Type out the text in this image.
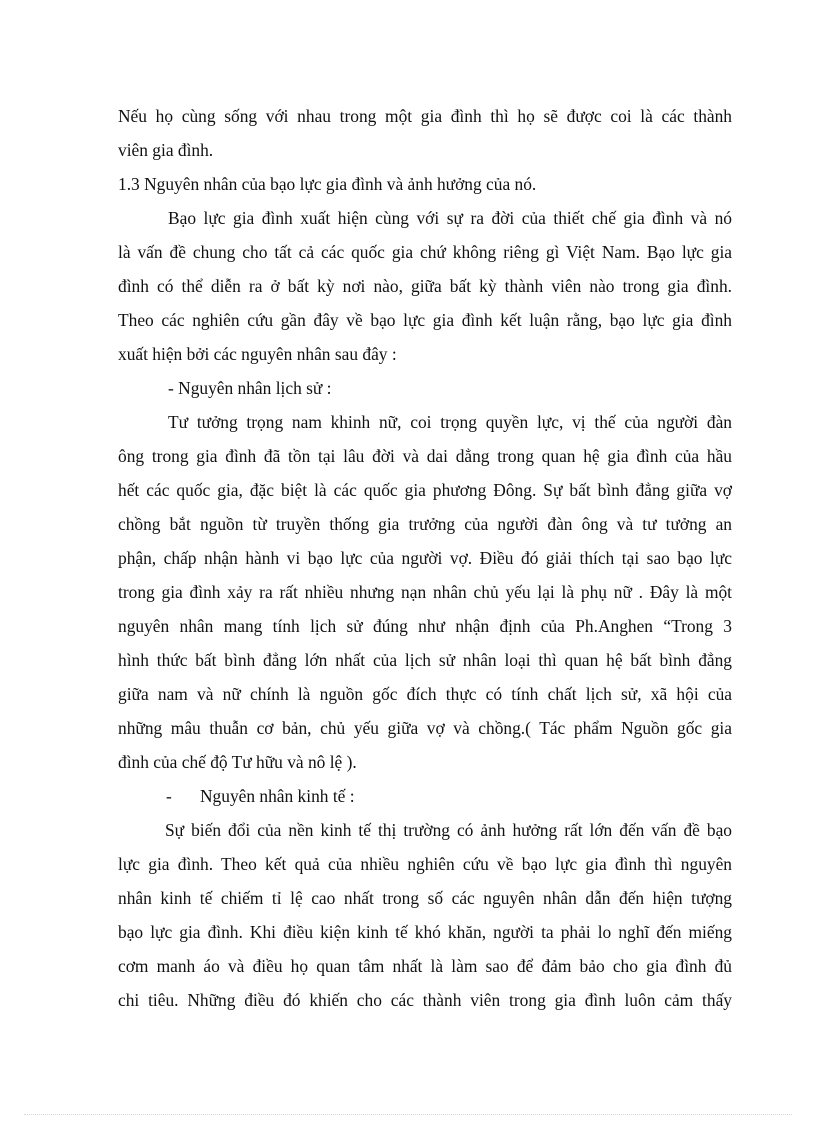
Nếu họ cùng sống với nhau trong một gia đình thì họ sẽ được coi là các thành
viên gia đình.
1.3 Nguyên nhân của bạo lực gia đình và ảnh hưởng của nó.
Bạo lực gia đình xuất hiện cùng với sự ra đời của thiết chế gia đình và nó
là vấn đề chung cho tất cả các quốc gia chứ không riêng gì Việt Nam. Bạo lực gia
đình có thể diễn ra ở bất kỳ nơi nào, giữa bất kỳ thành viên nào trong gia đình.
Theo các nghiên cứu gần đây về bạo lực gia đình kết luận rằng, bạo lực gia đình
xuất hiện bởi các nguyên nhân sau đây :
- Nguyên nhân lịch sử :
Tư tưởng trọng nam khinh nữ, coi trọng quyền lực, vị thế của người đàn
ông trong gia đình đã tồn tại lâu đời và dai dẳng trong quan hệ gia đình của hầu
hết các quốc gia, đặc biệt là các quốc gia phương Đông. Sự bất bình đẳng giữa vợ
chồng bắt nguồn từ truyền thống gia trưởng của người đàn ông và tư tưởng an
phận, chấp nhận hành vi bạo lực của người vợ. Điều đó giải thích tại sao bạo lực
trong gia đình xảy ra rất nhiều nhưng nạn nhân chủ yếu lại là phụ nữ . Đây là một
nguyên nhân mang tính lịch sử đúng như nhận định của Ph.Anghen “Trong 3
hình thức bất bình đẳng lớn nhất của lịch sử nhân loại thì quan hệ bất bình đẳng
giữa nam và nữ chính là nguồn gốc đích thực có tính chất lịch sử, xã hội của
những mâu thuẫn cơ bản, chủ yếu giữa vợ và chồng.( Tác phẩm Nguồn gốc gia
đình của chế độ Tư hữu và nô lệ ).
- Nguyên nhân kinh tế :
Sự biến đổi của nền kinh tế thị trường có ảnh hưởng rất lớn đến vấn đề bạo
lực gia đình. Theo kết quả của nhiều nghiên cứu về bạo lực gia đình thì nguyên
nhân kinh tế chiếm tỉ lệ cao nhất trong số các nguyên nhân dẫn đến hiện tượng
bạo lực gia đình. Khi điều kiện kinh tế khó khăn, người ta phải lo nghĩ đến miếng
cơm manh áo và điều họ quan tâm nhất là làm sao để đảm bảo cho gia đình đủ
chi tiêu. Những điều đó khiến cho các thành viên trong gia đình luôn cảm thấy
